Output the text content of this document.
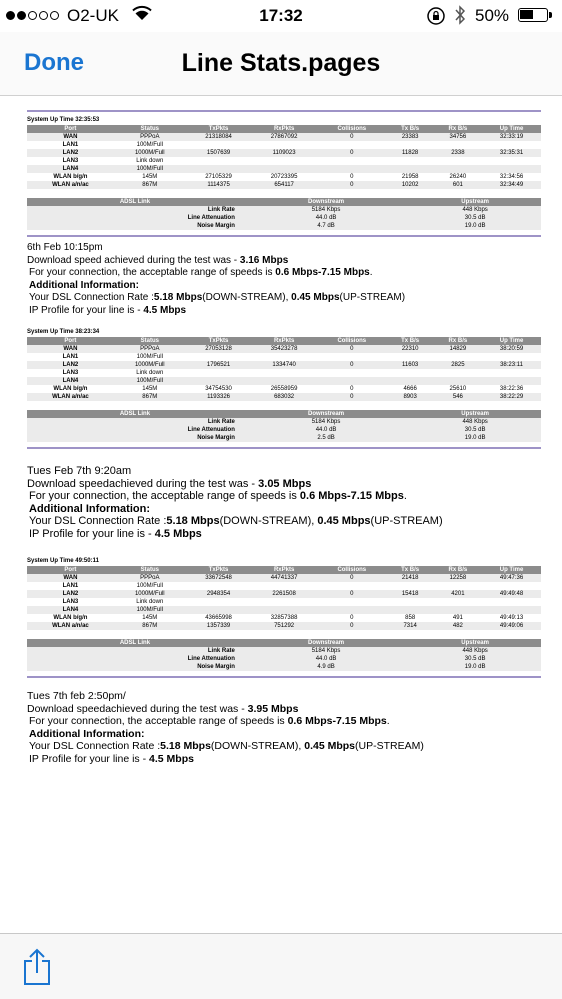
O2-UK	17:32	50%
Done	Line Stats.pages
System Up Time 32:35:53
Port	Status	TxPkts	RxPkts	Collisions	Tx B/s	Rx B/s	Up Time
WAN	PPPoA	21318084	27867092	0	23383	34756	32:33:19
LAN1	100M/Full						
LAN2	1000M/Full	1507639	1109023	0	11828	2338	32:35:31
LAN3	Link down						
LAN4	100M/Full						
WLAN b/g/n	145M	27105329	20723395	0	21958	26240	32:34:56
WLAN a/n/ac	867M	1114375	654117	0	10202	601	32:34:49
ADSL Link	Downstream	Upstream
Link Rate	5184 Kbps	448 Kbps
Line Attenuation	44.0 dB	30.5 dB
Noise Margin	4.7 dB	19.0 dB
6th Feb 10:15pm
Download speed achieved during the test was - 3.16 Mbps
For your connection, the acceptable range of speeds is 0.6 Mbps-7.15 Mbps.
Additional Information:
Your DSL Connection Rate :5.18 Mbps(DOWN-STREAM), 0.45 Mbps(UP-STREAM)
IP Profile for your line is - 4.5 Mbps
System Up Time 38:23:34
Port	Status	TxPkts	RxPkts	Collisions	Tx B/s	Rx B/s	Up Time
WAN	PPPoA	27053128	35423278	0	22310	14829	38:20:59
LAN1	100M/Full						
LAN2	1000M/Full	1796521	1334740	0	11603	2825	38:23:11
LAN3	Link down						
LAN4	100M/Full						
WLAN b/g/n	145M	34754530	26558959	0	4666	25610	38:22:36
WLAN a/n/ac	867M	1193326	683032	0	8903	546	38:22:29
ADSL Link	Downstream	Upstream
Link Rate	5184 Kbps	448 Kbps
Line Attenuation	44.0 dB	30.5 dB
Noise Margin	2.5 dB	19.0 dB
Tues Feb 7th 9:20am
Download speedachieved during the test was - 3.05 Mbps
For your connection, the acceptable range of speeds is 0.6 Mbps-7.15 Mbps.
Additional Information:
Your DSL Connection Rate :5.18 Mbps(DOWN-STREAM), 0.45 Mbps(UP-STREAM)
IP Profile for your line is - 4.5 Mbps
System Up Time 49:50:11
Port	Status	TxPkts	RxPkts	Collisions	Tx B/s	Rx B/s	Up Time
WAN	PPPoA	33672548	44741337	0	21418	12258	49:47:36
LAN1	100M/Full						
LAN2	1000M/Full	2948354	2261508	0	15418	4201	49:49:48
LAN3	Link down						
LAN4	100M/Full						
WLAN b/g/n	145M	43665998	32857388	0	858	491	49:49:13
WLAN a/n/ac	867M	1357339	751292	0	7314	482	49:49:06
ADSL Link	Downstream	Upstream
Link Rate	5184 Kbps	448 Kbps
Line Attenuation	44.0 dB	30.5 dB
Noise Margin	4.9 dB	19.0 dB
Tues 7th feb 2:50pm/
Download speedachieved during the test was - 3.95 Mbps
For your connection, the acceptable range of speeds is 0.6 Mbps-7.15 Mbps.
Additional Information:
Your DSL Connection Rate :5.18 Mbps(DOWN-STREAM), 0.45 Mbps(UP-STREAM)
IP Profile for your line is - 4.5 Mbps
